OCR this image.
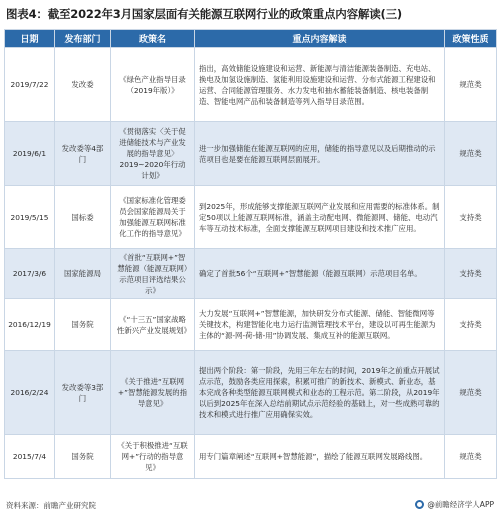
图表4：截至2022年3月国家层面有关能源互联网行业的政策重点内容解读(三)
日期	发布部门	政策名	重点内容解读	政策性质
2019/7/22	发改委	《绿色产业指导目录（2019年版）》	指出，高效储能设施建设和运营、新能源与清洁能源装备制造、充电站、换电及加氢设施制造、氢能利用设施建设和运营、分布式能源工程建设和运营、合同能源管理服务、水力发电和抽水蓄能装备制造、核电装备制造、智能电网产品和装备制造等列入指导目录范围。	规范类
2019/6/1	发改委等4部门	《贯彻落实〈关于促进储能技术与产业发展的指导意见〉2019~2020年行动计划》	进一步加强储能在能源互联网的应用，储能的指导意见以及后期推动的示范项目也是要在能源互联网层面展开。	规范类
2019/5/15	国标委	《国家标准化管理委员会国家能源局关于加强能源互联网标准化工作的指导意见》	到2025年，形成能够支撑能源互联网产业发展和应用需要的标准体系。制定50项以上能源互联网标准，涵盖主动配电网、微能源网、储能、电动汽车等互动技术标准，全面支撑能源互联网项目建设和技术推广应用。	支持类
2017/3/6	国家能源局	《首批“互联网+”智慧能源（能源互联网）示范项目评选结果公示》	确定了首批56个“互联网+”智慧能源（能源互联网）示范项目名单。	支持类
2016/12/19	国务院	《“十三五”国家战略性新兴产业发展规划》	大力发展“互联网+”智慧能源，加快研发分布式能源、储能、智能微网等关键技术，构建智能化电力运行监测管理技术平台，建设以可再生能源为主体的“源-网-荷-储-用”协调发展、集成互补的能源互联网。	支持类
2016/2/24	发改委等3部门	《关于推进“互联网+”智慧能源发展的指导意见》	提出两个阶段：第一阶段，先用三年左右的时间，2019年之前重点开展试点示范，鼓励各类应用探索，积累可推广的新技术、新模式、新业态，基本完成各种类型能源互联网模式和业态的工程示范。第二阶段，从2019年以后到2025年在深入总结前期试点示范经验的基础上，对一些成熟可靠的技术和模式进行推广应用确保实效。	规范类
2015/7/4	国务院	《关于积极推进“互联网+”行动的指导意见》	用专门篇章阐述“互联网+智慧能源”，描绘了能源互联网发展路线图。	规范类
资料来源：前瞻产业研究院	@前瞻经济学人APP
